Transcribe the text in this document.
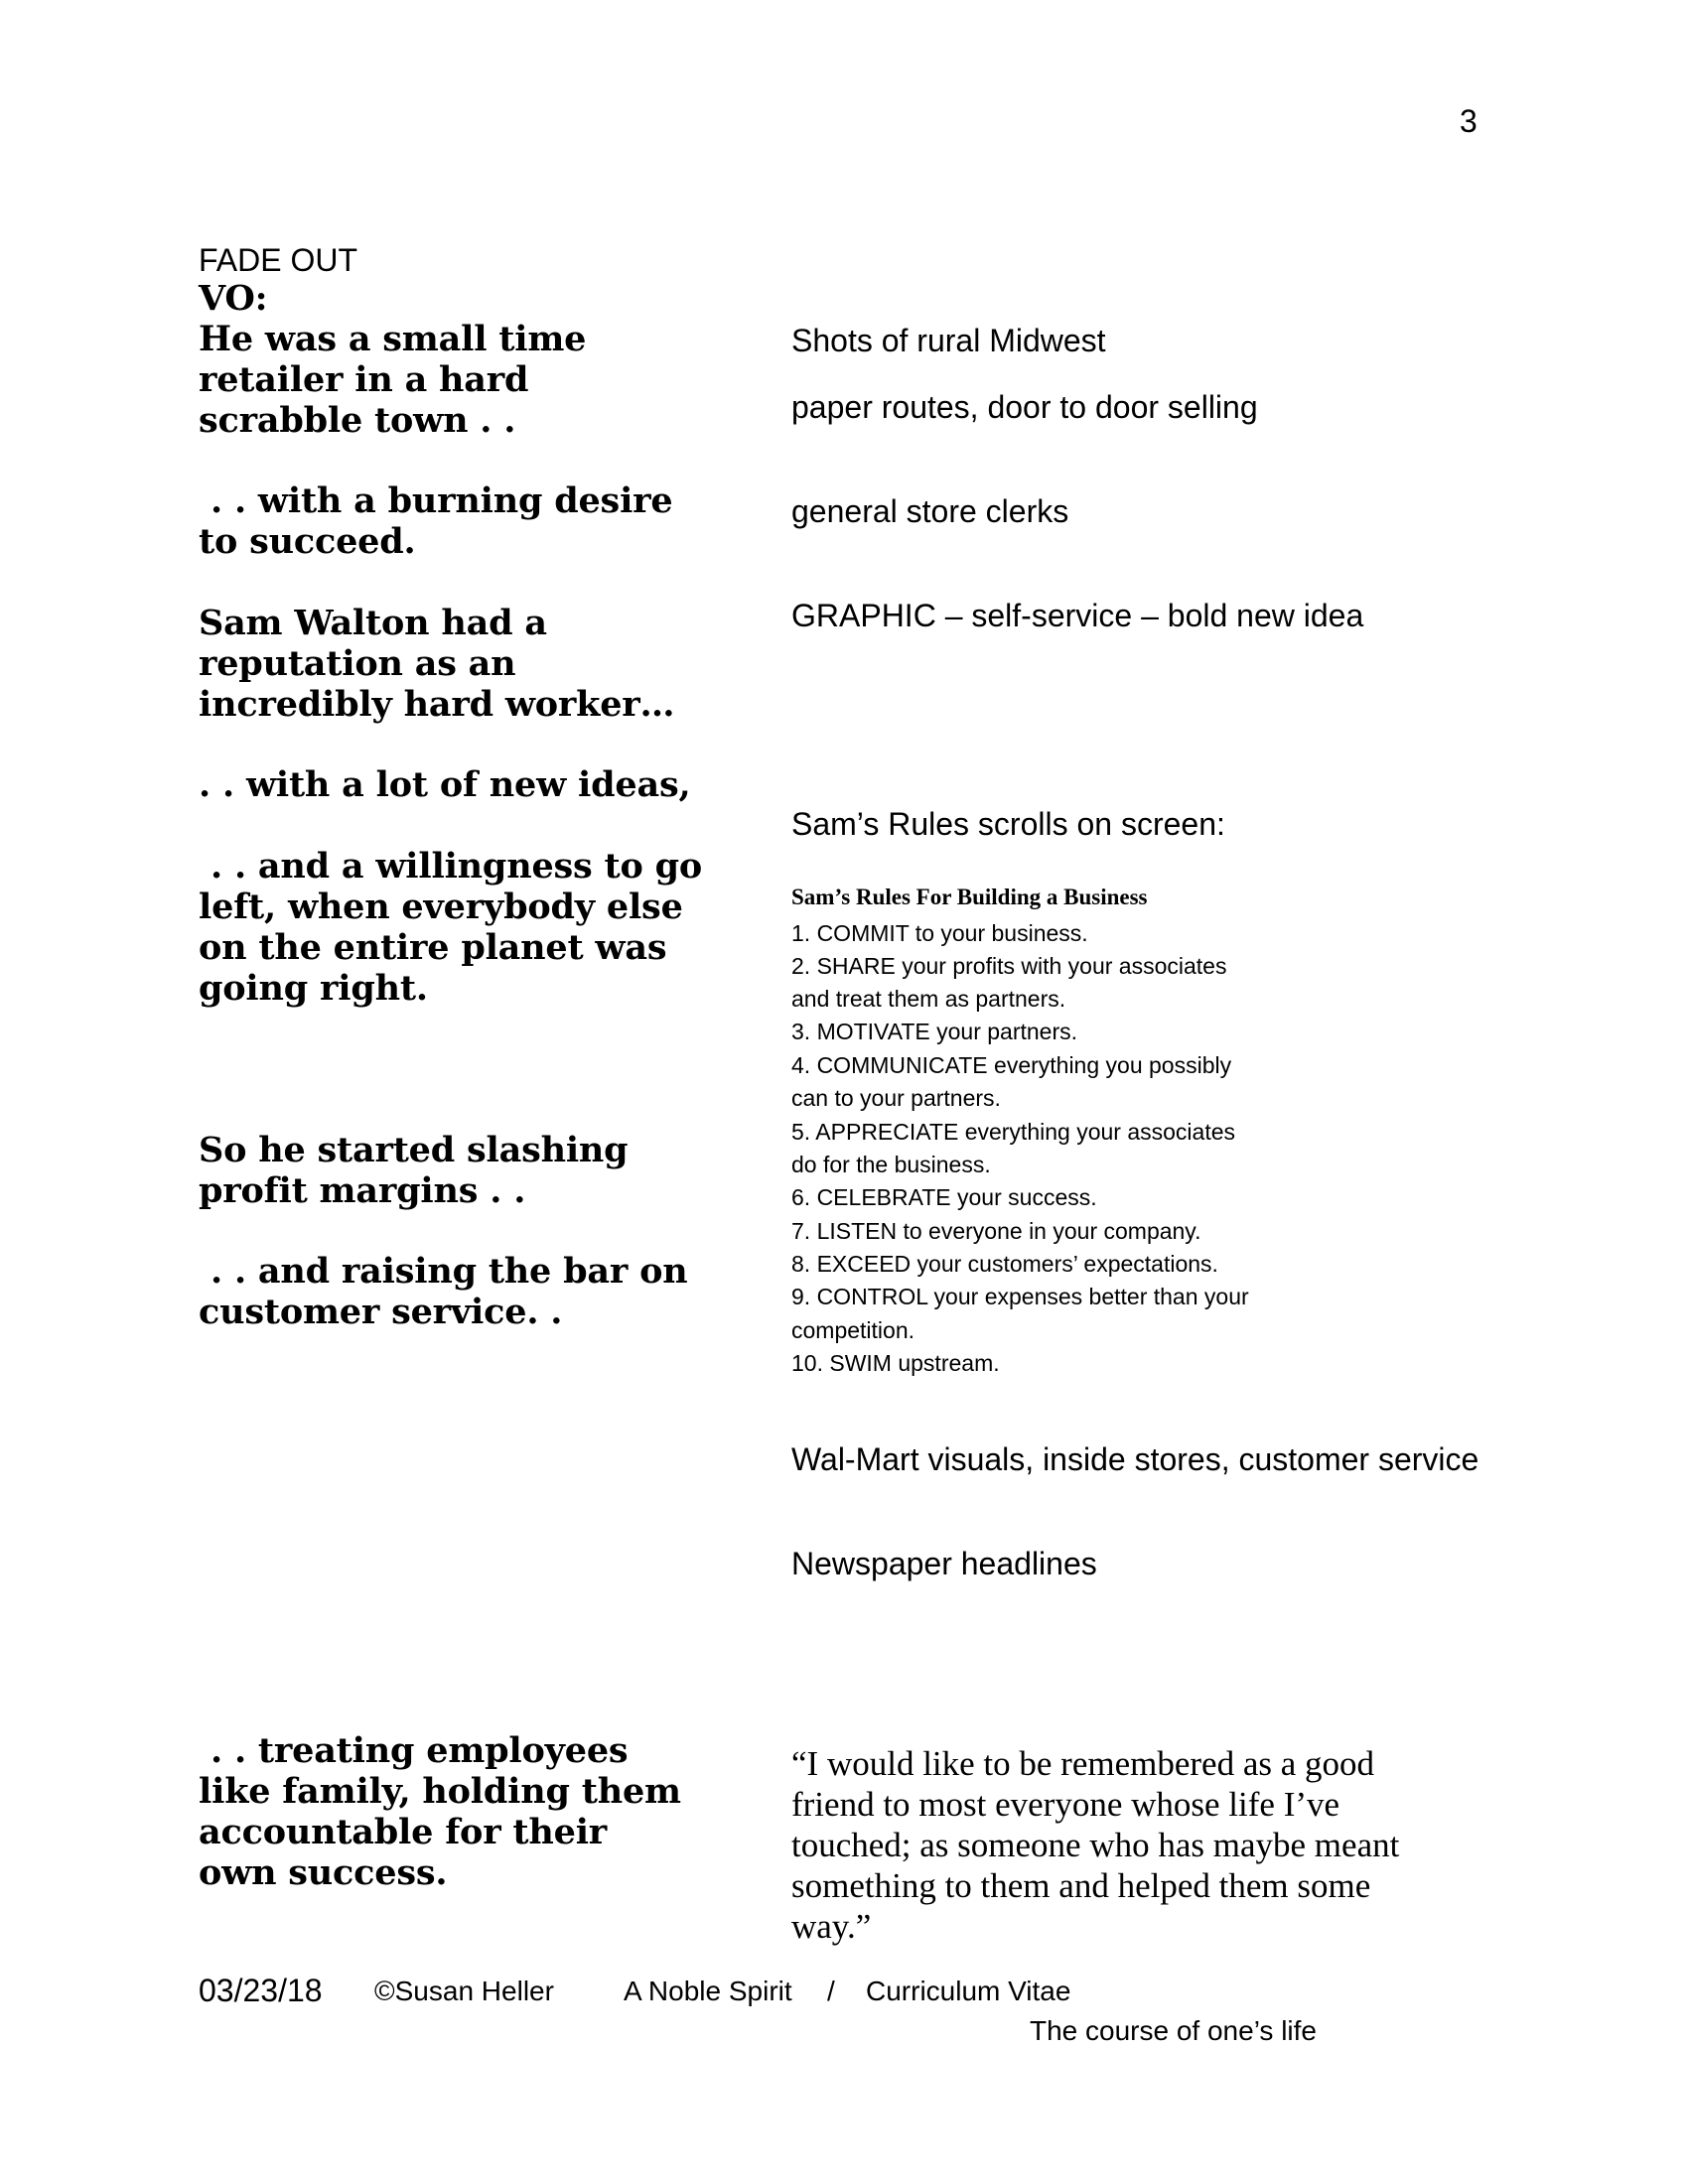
3
FADE OUT
VO:
He was a small time
retailer in a hard
scrabble town . .
. . with a burning desire
to succeed.
Sam Walton had a
reputation as an
incredibly hard worker…
. . with a lot of new ideas,
. . and a willingness to go
left, when everybody else
on the entire planet was
going right.
So he started slashing
profit margins . .
. . and raising the bar on
customer service. .
. . treating employees
like family, holding them
accountable for their
own success.
Shots of rural Midwest
paper routes, door to door selling
general store clerks
GRAPHIC – self-service – bold new idea
Sam’s Rules scrolls on screen:
Sam’s Rules For Building a Business
1. COMMIT to your business.
2. SHARE your profits with your associates
and treat them as partners.
3. MOTIVATE your partners.
4. COMMUNICATE everything you possibly
can to your partners.
5. APPRECIATE everything your associates
do for the business.
6. CELEBRATE your success.
7. LISTEN to everyone in your company.
8. EXCEED your customers’ expectations.
9. CONTROL your expenses better than your
competition.
10. SWIM upstream.
Wal-Mart visuals, inside stores, customer service
Newspaper headlines
“I would like to be remembered as a good
friend to most everyone whose life I’ve
touched; as someone who has maybe meant
something to them and helped them some
way.”
03/23/18 ©Susan Heller	A Noble Spirit / Curriculum Vitae
The course of one’s life
